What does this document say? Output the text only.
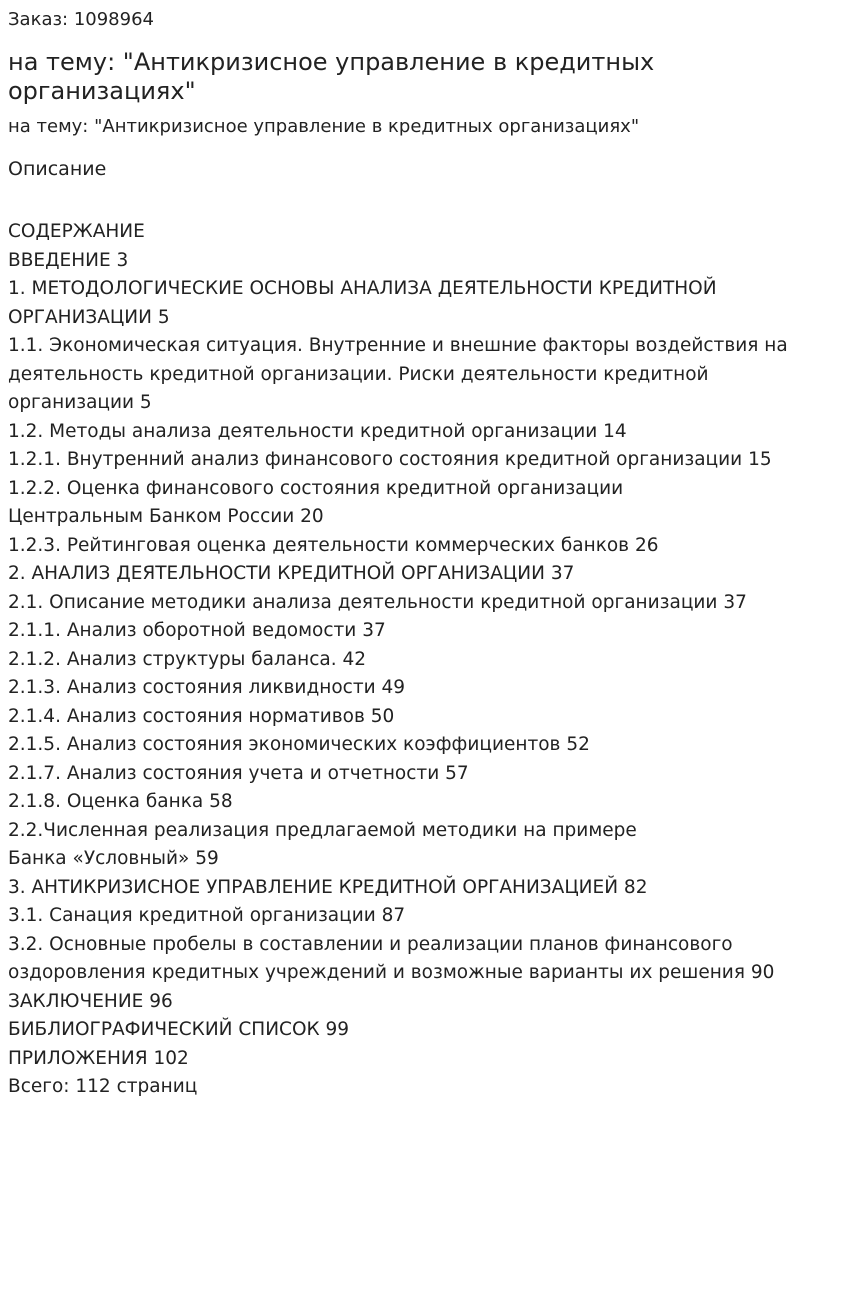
Заказ: 1098964

на тему: "Антикризисное управление в кредитных организациях"

на тему: "Антикризисное управление в кредитных организациях"

Описание

СОДЕРЖАНИЕ

ВВЕДЕНИЕ 3
1. МЕТОДОЛОГИЧЕСКИЕ ОСНОВЫ АНАЛИЗА ДЕЯТЕЛЬНОСТИ КРЕДИТНОЙ ОРГАНИЗАЦИИ 5
1.1. Экономическая ситуация. Внутренние и внешние факторы воздействия на деятельность кредитной организации. Риски деятельности кредитной организации 5
1.2. Методы анализа деятельности кредитной организации 14
1.2.1. Внутренний анализ финансового состояния кредитной организации 15
1.2.2. Оценка финансового состояния кредитной организации
Центральным Банком России 20
1.2.3. Рейтинговая оценка деятельности коммерческих банков 26
2. АНАЛИЗ ДЕЯТЕЛЬНОСТИ КРЕДИТНОЙ ОРГАНИЗАЦИИ 37
2.1. Описание методики анализа деятельности кредитной организации 37
2.1.1. Анализ оборотной ведомости 37
2.1.2. Анализ структуры баланса. 42
2.1.3. Анализ состояния ликвидности 49
2.1.4. Анализ состояния нормативов 50
2.1.5. Анализ состояния экономических коэффициентов 52
2.1.7. Анализ состояния учета и отчетности 57
2.1.8. Оценка банка 58
2.2.Численная реализация предлагаемой методики на примере
Банка «Условный» 59
3. АНТИКРИЗИСНОЕ УПРАВЛЕНИЕ КРЕДИТНОЙ ОРГАНИЗАЦИЕЙ 82
3.1. Санация кредитной организации 87
3.2. Основные пробелы в составлении и реализации планов финансового оздоровления кредитных учреждений и возможные варианты их решения 90
ЗАКЛЮЧЕНИЕ 96
БИБЛИОГРАФИЧЕСКИЙ СПИСОК 99
ПРИЛОЖЕНИЯ 102

Всего: 112 страниц
